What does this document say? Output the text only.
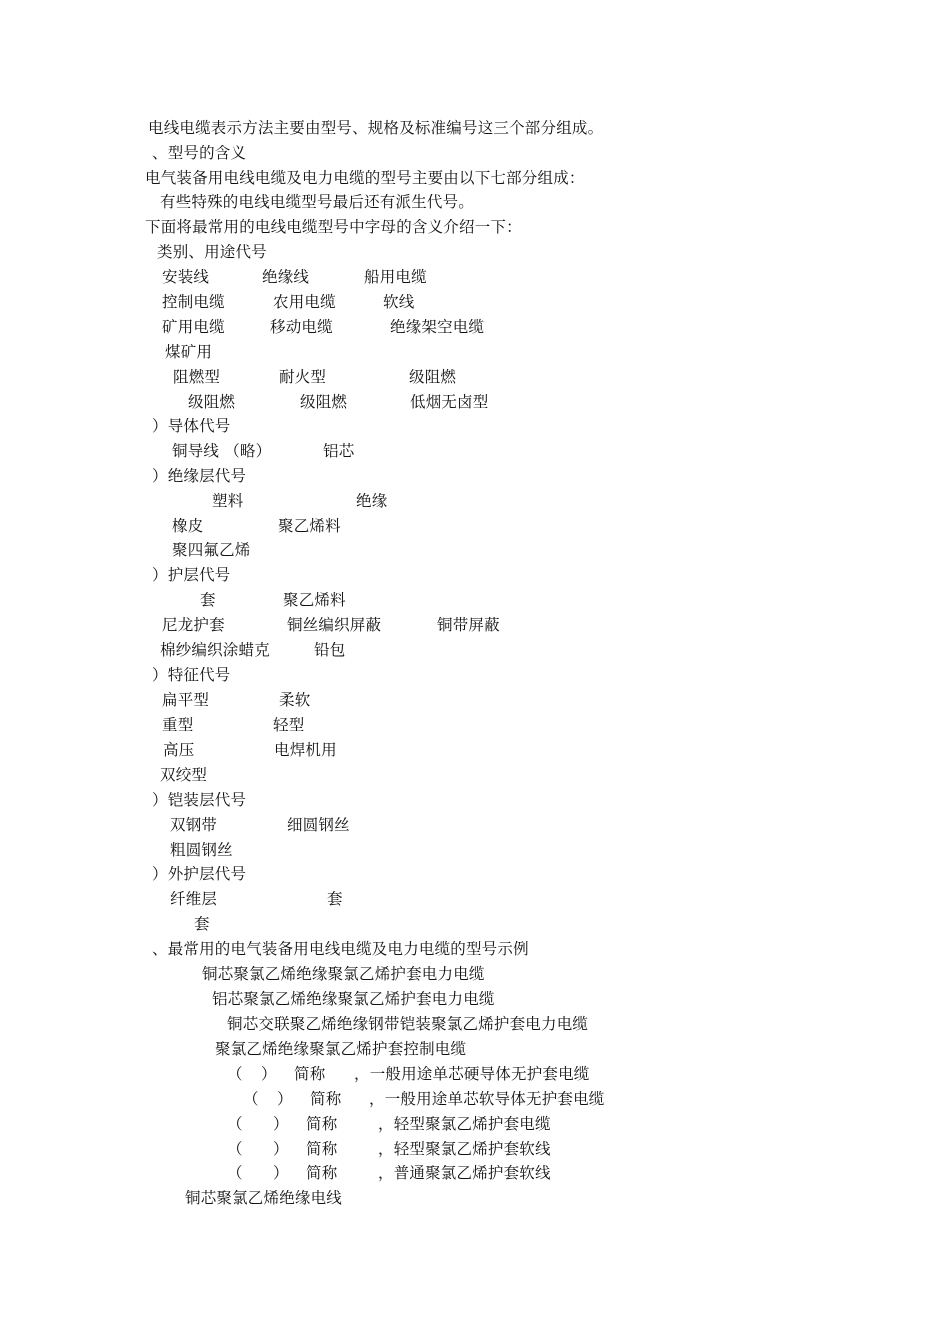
电线电缆表示方法主要由型号、规格及标准编号这三个部分组成。
、型号的含义
电气装备用电线电缆及电力电缆的型号主要由以下七部分组成：
有些特殊的电线电缆型号最后还有派生代号。
下面将最常用的电线电缆型号中字母的含义介绍一下：
类别、用途代号
安装线	绝缘线	船用电缆
控制电缆	农用电缆	软线
矿用电缆	移动电缆	绝缘架空电缆
煤矿用
阻燃型	耐火型	级阻燃
级阻燃	级阻燃	低烟无卤型
）导体代号
铜导线 （略）	铝芯
）绝缘层代号
塑料	绝缘
橡皮	聚乙烯料
聚四氟乙烯
）护层代号
套	聚乙烯料
尼龙护套	铜丝编织屏蔽	铜带屏蔽
棉纱编织涂蜡克	铅包
）特征代号
扁平型	柔软
重型	轻型
高压	电焊机用
双绞型
）铠装层代号
双钢带	细圆钢丝
粗圆钢丝
）外护层代号
纤维层	套
套
、最常用的电气装备用电线电缆及电力电缆的型号示例
铜芯聚氯乙烯绝缘聚氯乙烯护套电力电缆
铝芯聚氯乙烯绝缘聚氯乙烯护套电力电缆
铜芯交联聚乙烯绝缘钢带铠装聚氯乙烯护套电力电缆
聚氯乙烯绝缘聚氯乙烯护套控制电缆
（ ） 简称 ，一般用途单芯硬导体无护套电缆
（ ） 简称 ，一般用途单芯软导体无护套电缆
（ ） 简称	，轻型聚氯乙烯护套电缆
（ ） 简称	，轻型聚氯乙烯护套软线
（ ） 简称	，普通聚氯乙烯护套软线
铜芯聚氯乙烯绝缘电线
